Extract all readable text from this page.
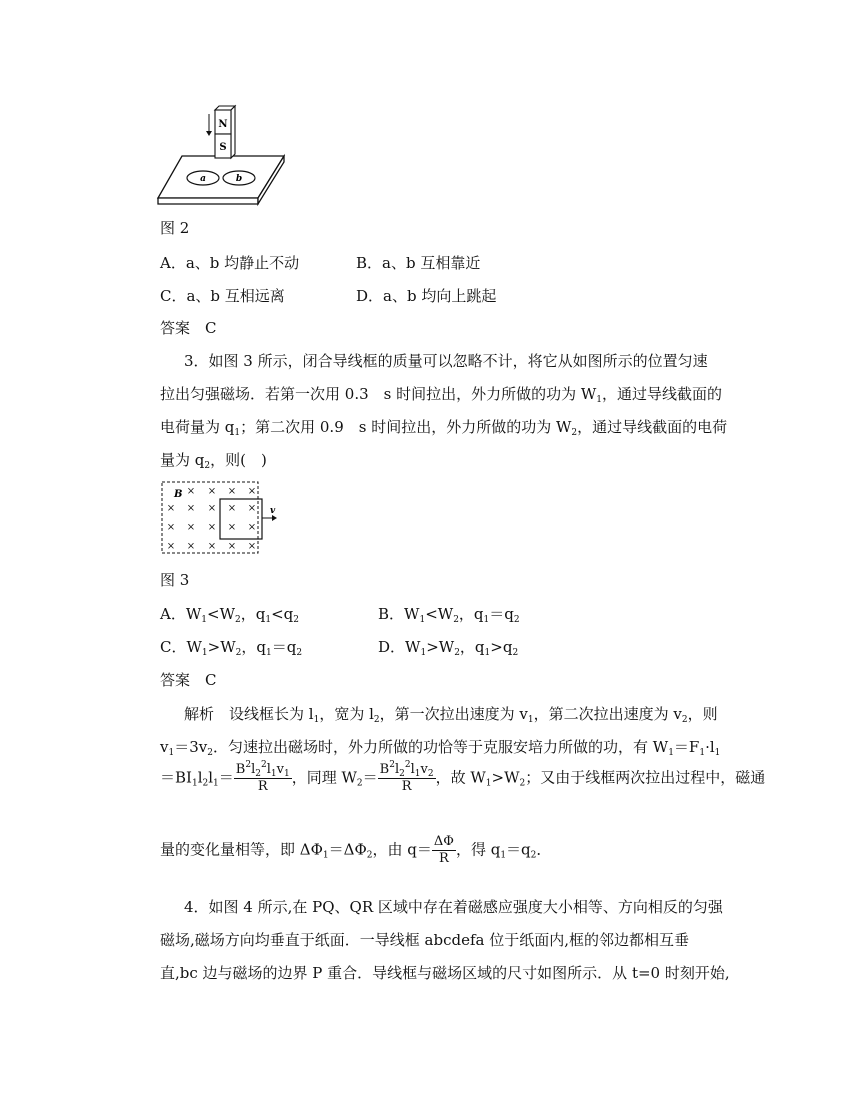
a	b
N
S
图 2
A．a、b 均静止不动	B．a、b 互相靠近
C．a、b 互相远离	D．a、b 均向上跳起
答案　C
3．如图 3 所示，闭合导线框的质量可以忽略不计，将它从如图所示的位置匀速
拉出匀强磁场．若第一次用 0.3　s 时间拉出，外力所做的功为 $W_1$，通过导线截面的
电荷量为 $q_1$；第二次用 0.9　s 时间拉出，外力所做的功为 $W_2$，通过导线截面的电荷
量为 $q_2$，则(　)
× × × ×
× × × × ×
× × × × ×
× × × × ×
B
v
图 3
A．$W_1<W_2$，$q_1<q_2$	B．$W_1<W_2$，$q_1=q_2$
C．$W_1>W_2$，$q_1=q_2$	D．$W_1>W_2$，$q_1>q_2$
答案　C
解析　 设线框长为 $l_1$，宽为 $l_2$，第一次拉出速度为 $v_1$，第二次拉出速度为 $v_2$，则
$v_1=3v_2$．匀速拉出磁场时，外力所做的功恰等于克服安培力所做的功，有 $W_1=F_1\cdot l_1$
$=BI_1l_2l_1= \frac{B^2l_2^2l_1v_1}{R}$ ，同理 $W_2= \frac{B^2l_2^2l_1v_2}{R}$ ，故 $W_1>W_2$；又由于线框两次拉出过程中，磁通
量的变化量相等，即 $\Delta\Phi_1=\Delta\Phi_2$，由 $q= \frac{\Delta\Phi}{R}$ ，得 $q_1=q_2$．
4．如图 4 所示,在 PQ、QR 区域中存在着磁感应强度大小相等、方向相反的匀强
磁场,磁场方向均垂直于纸面．一导线框 abcdefa 位于纸面内,框的邻边都相互垂
直,bc 边与磁场的边界 P 重合．导线框与磁场区域的尺寸如图所示．从 t=0 时刻开始,
